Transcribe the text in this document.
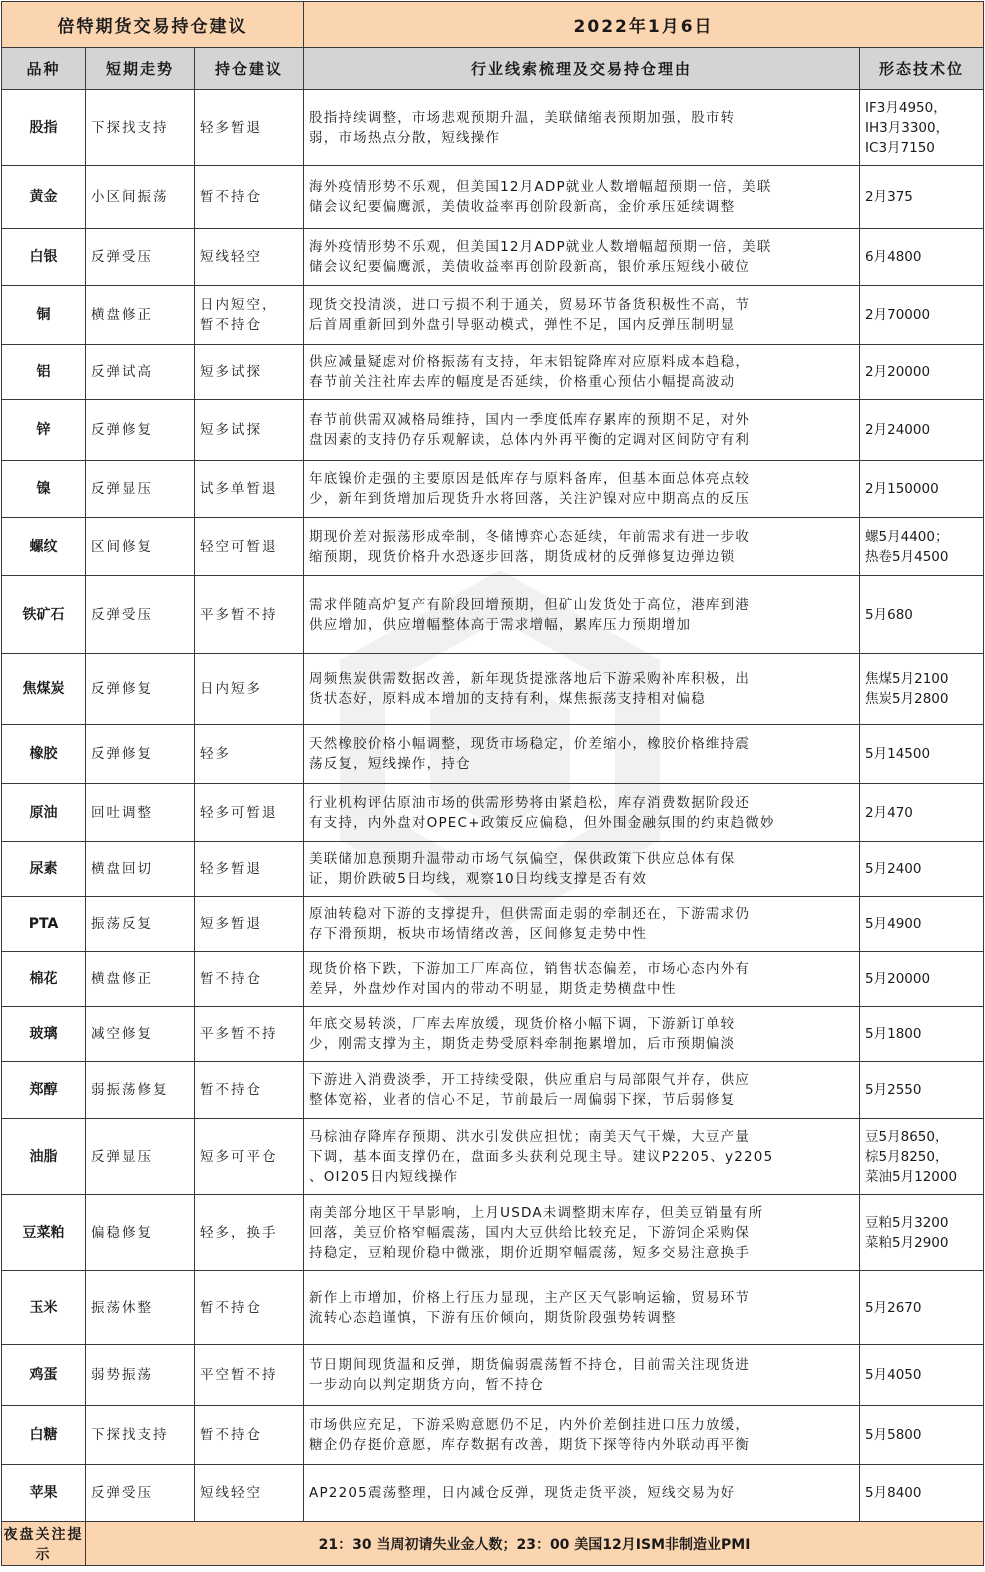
倍特期货交易持仓建议			2022年1月6日	
品种	短期走势	持仓建议	行业线索梳理及交易持仓理由	形态技术位
股指	下探找支持	轻多暂退	股指持续调整，市场悲观预期升温，美联储缩表预期加强，股市转
弱，市场热点分散，短线操作	IF3月4950，
IH3月3300，
IC3月7150

黄金	小区间振荡	暂不持仓	海外疫情形势不乐观，但美国12月ADP就业人数增幅超预期一倍，美联
储会议纪要偏鹰派，美债收益率再创阶段新高，金价承压延续调整	2月375

白银	反弹受压	短线轻空	海外疫情形势不乐观，但美国12月ADP就业人数增幅超预期一倍，美联
储会议纪要偏鹰派，美债收益率再创阶段新高，银价承压短线小破位	6月4800

铜	横盘修正	日内短空，
暂不持仓	现货交投清淡，进口亏损不利于通关，贸易环节备货积极性不高，节
后首周重新回到外盘引导驱动模式，弹性不足，国内反弹压制明显	2月70000

铝	反弹试高	短多试探	供应减量疑虑对价格振荡有支持，年末铝锭降库对应原料成本趋稳，
春节前关注社库去库的幅度是否延续，价格重心预估小幅提高波动	2月20000

锌	反弹修复	短多试探	春节前供需双减格局维持，国内一季度低库存累库的预期不足，对外
盘因素的支持仍存乐观解读，总体内外再平衡的定调对区间防守有利	2月24000

镍	反弹显压	试多单暂退	年底镍价走强的主要原因是低库存与原料备库，但基本面总体亮点较
少，新年到货增加后现货升水将回落，关注沪镍对应中期高点的反压	2月150000

螺纹	区间修复	轻空可暂退	期现价差对振荡形成牵制，冬储博弈心态延续，年前需求有进一步收
缩预期，现货价格升水恐逐步回落，期货成材的反弹修复边弹边锁	螺5月4400；
热卷5月4500

铁矿石	反弹受压	平多暂不持	需求伴随高炉复产有阶段回增预期，但矿山发货处于高位，港库到港
供应增加，供应增幅整体高于需求增幅，累库压力预期增加	5月680

焦煤炭	反弹修复	日内短多	周频焦炭供需数据改善，新年现货提涨落地后下游采购补库积极，出
货状态好，原料成本增加的支持有利，煤焦振荡支持相对偏稳	焦煤5月2100
焦炭5月2800

橡胶	反弹修复	轻多	天然橡胶价格小幅调整，现货市场稳定，价差缩小，橡胶价格维持震
荡反复，短线操作，持仓	5月14500

原油	回吐调整	轻多可暂退	行业机构评估原油市场的供需形势将由紧趋松，库存消费数据阶段还
有支持，内外盘对OPEC+政策反应偏稳，但外围金融氛围的约束趋微妙	2月470

尿素	横盘回切	轻多暂退	美联储加息预期升温带动市场气氛偏空，保供政策下供应总体有保
证，期价跌破5日均线，观察10日均线支撑是否有效	5月2400

PTA	振荡反复	短多暂退	原油转稳对下游的支撑提升，但供需面走弱的牵制还在，下游需求仍
存下滑预期，板块市场情绪改善，区间修复走势中性	5月4900

棉花	横盘修正	暂不持仓	现货价格下跌，下游加工厂库高位，销售状态偏差，市场心态内外有
差异，外盘炒作对国内的带动不明显，期货走势横盘中性	5月20000

玻璃	减空修复	平多暂不持	年底交易转淡，厂库去库放缓，现货价格小幅下调，下游新订单较
少，刚需支撑为主，期货走势受原料牵制拖累增加，后市预期偏淡	5月1800

郑醇	弱振荡修复	暂不持仓	下游进入消费淡季，开工持续受限，供应重启与局部限气并存，供应
整体宽裕，业者的信心不足，节前最后一周偏弱下探，节后弱修复	5月2550

油脂	反弹显压	短多可平仓	马棕油存降库存预期、洪水引发供应担忧；南美天气干燥，大豆产量
下调，基本面支撑仍在，盘面多头获利兑现主导。建议P2205、y2205
、OI205日内短线操作	豆5月8650，
棕5月8250，
菜油5月12000

豆菜粕	偏稳修复	轻多，换手	南美部分地区干旱影响，上月USDA未调整期末库存，但美豆销量有所
回落，美豆价格窄幅震荡，国内大豆供给比较充足，下游饲企采购保
持稳定，豆粕现价稳中微涨，期价近期窄幅震荡，短多交易注意换手	豆粕5月3200
菜粕5月2900

玉米	振荡休整	暂不持仓	新作上市增加，价格上行压力显现，主产区天气影响运输，贸易环节
流转心态趋谨慎，下游有压价倾向，期货阶段强势转调整	5月2670

鸡蛋	弱势振荡	平空暂不持	节日期间现货温和反弹，期货偏弱震荡暂不持仓，目前需关注现货进
一步动向以判定期货方向，暂不持仓	5月4050

白糖	下探找支持	暂不持仓	市场供应充足，下游采购意愿仍不足，内外价差倒挂进口压力放缓，
糖企仍存挺价意愿，库存数据有改善，期货下探等待内外联动再平衡	5月5800

苹果	反弹受压	短线轻空	AP2205震荡整理，日内减仓反弹，现货走货平淡，短线交易为好	5月8400

夜盘关注提示	21：30 当周初请失业金人数；23：00 美国12月ISM非制造业PMI			
